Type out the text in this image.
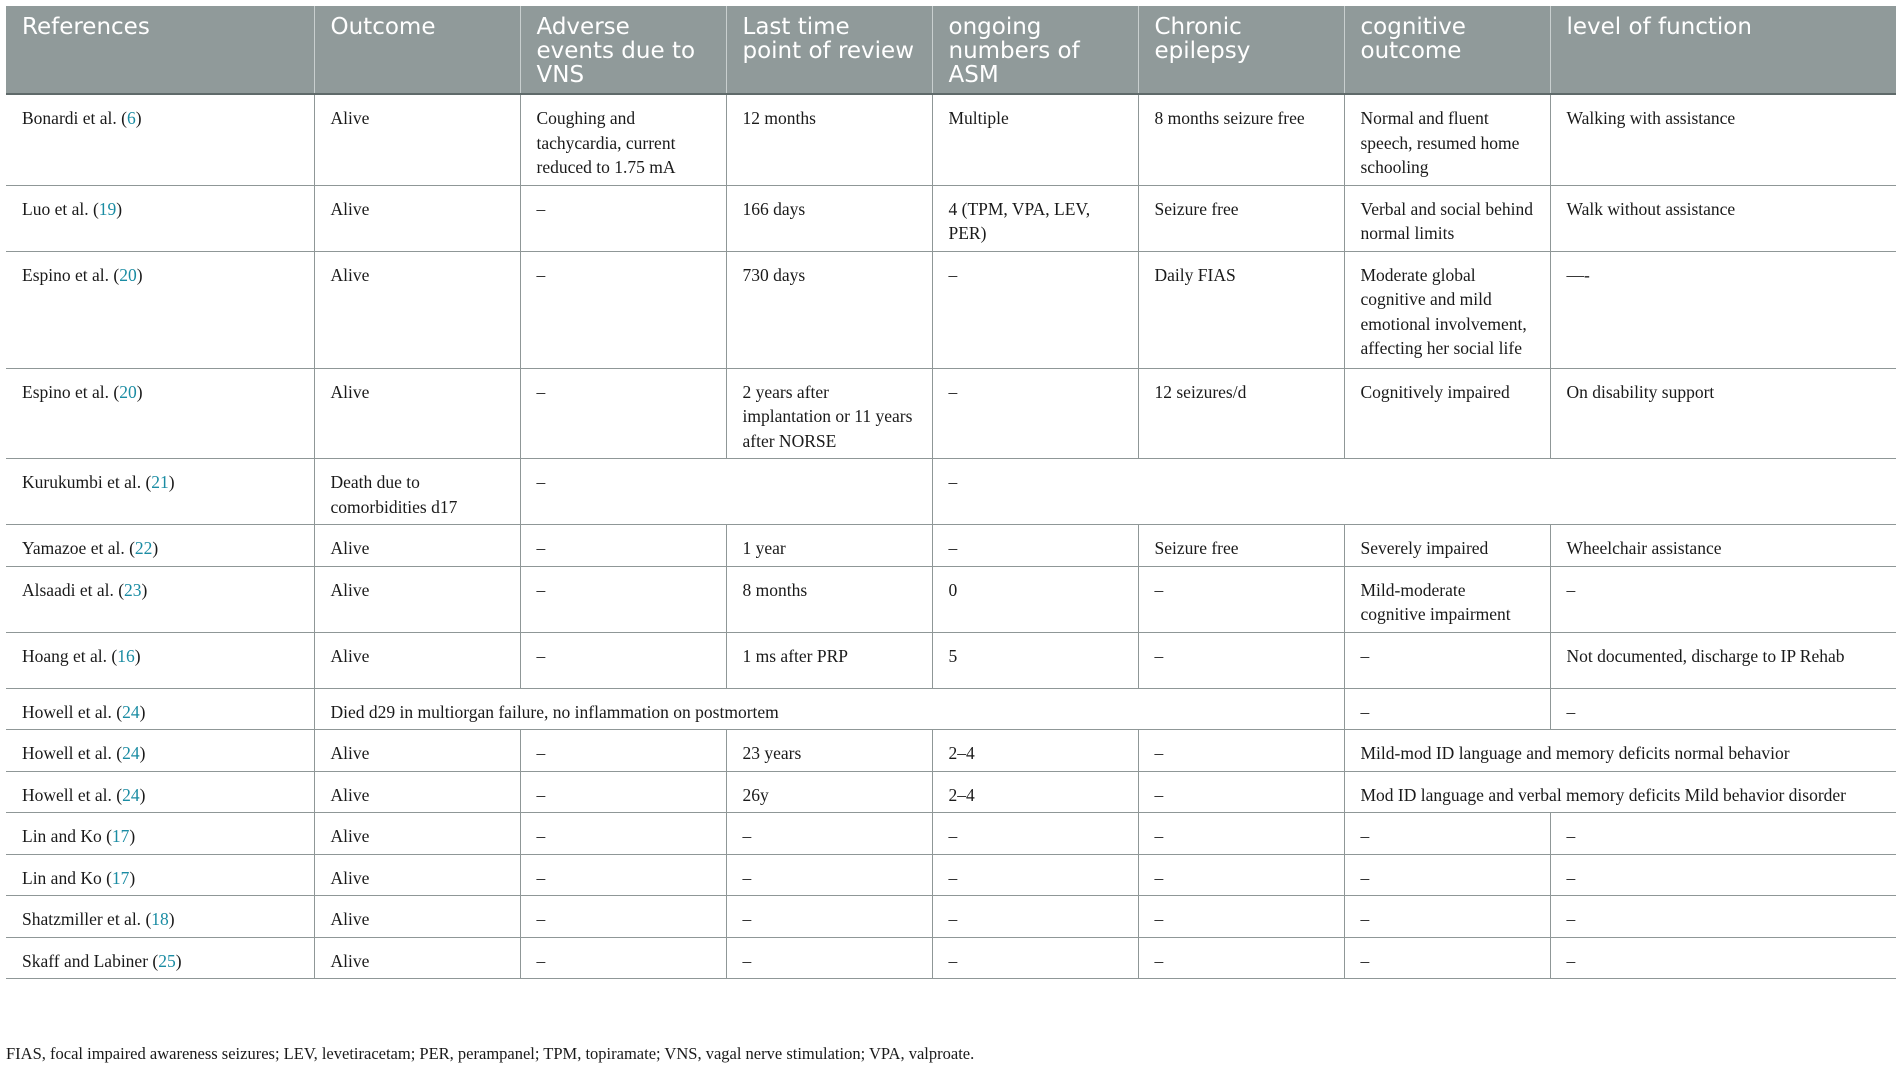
References	Outcome	Adverse events due to VNS	Last time point of review	ongoing numbers of ASM	Chronic epilepsy	cognitive outcome	level of function
Bonardi et al. (6)	Alive	Coughing and tachycardia, current reduced to 1.75 mA	12 months	Multiple	8 months seizure free	Normal and fluent speech, resumed home schooling	Walking with assistance
Luo et al. (19)	Alive	–	166 days	4 (TPM, VPA, LEV, PER)	Seizure free	Verbal and social behind normal limits	Walk without assistance
Espino et al. (20)	Alive	–	730 days	–	Daily FIAS	Moderate global cognitive and mild emotional involvement, affecting her social life	—-
Espino et al. (20)	Alive	–	2 years after implantation or 11 years after NORSE	–	12 seizures/d	Cognitively impaired	On disability support
Kurukumbi et al. (21)	Death due to comorbidities d17	–		–			
Yamazoe et al. (22)	Alive	–	1 year	–	Seizure free	Severely impaired	Wheelchair assistance
Alsaadi et al. (23)	Alive	–	8 months	0	–	Mild-moderate cognitive impairment	–
Hoang et al. (16)	Alive	–	1 ms after PRP	5	–	–	Not documented, discharge to IP Rehab
Howell et al. (24)	Died d29 in multiorgan failure, no inflammation on postmortem					–	–
Howell et al. (24)	Alive	–	23 years	2–4	–	Mild-mod ID language and memory deficits normal behavior	
Howell et al. (24)	Alive	–	26y	2–4	–	Mod ID language and verbal memory deficits Mild behavior disorder	
Lin and Ko (17)	Alive	–	–	–	–	–	–
Lin and Ko (17)	Alive	–	–	–	–	–	–
Shatzmiller et al. (18)	Alive	–	–	–	–	–	–
Skaff and Labiner (25)	Alive	–	–	–	–	–	–
FIAS, focal impaired awareness seizures; LEV, levetiracetam; PER, perampanel; TPM, topiramate; VNS, vagal nerve stimulation; VPA, valproate.
